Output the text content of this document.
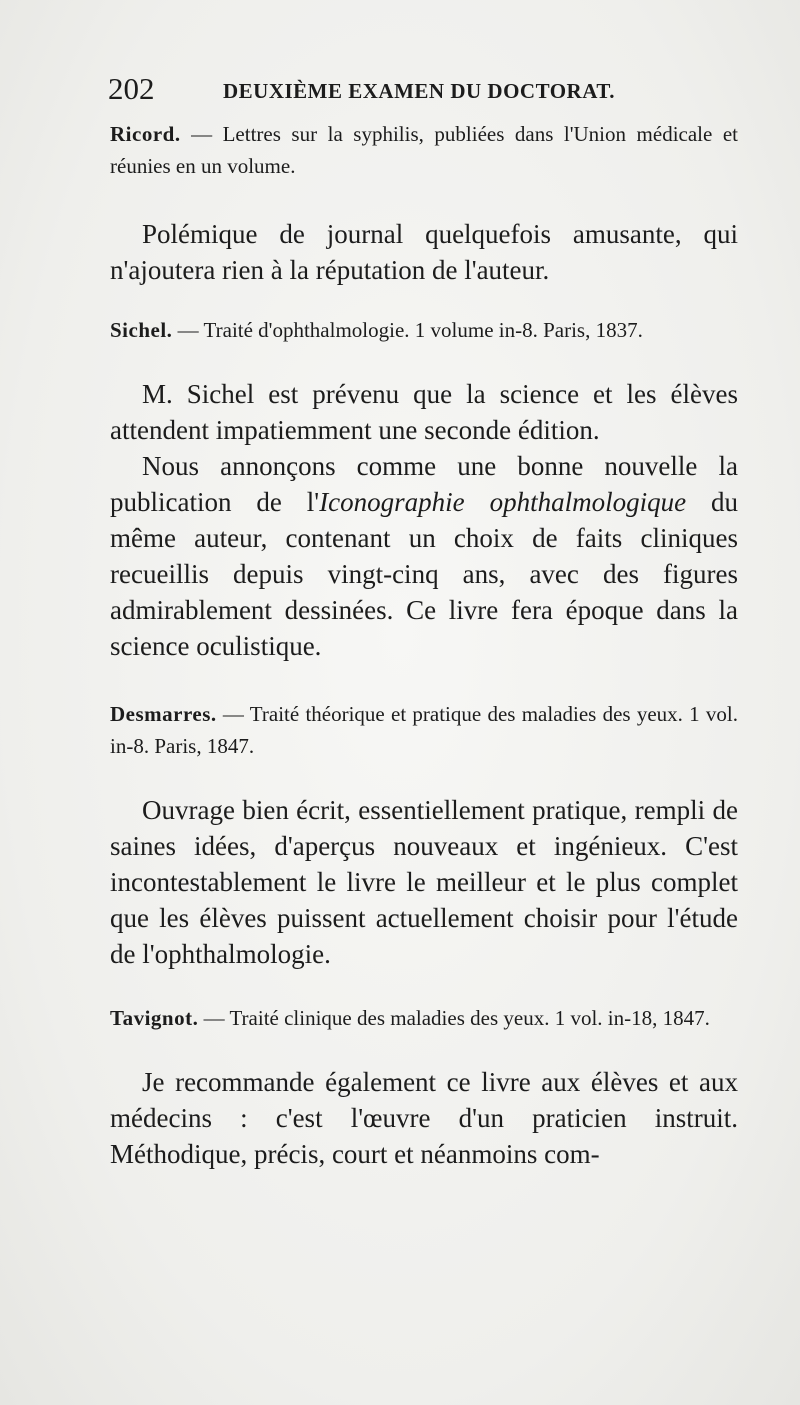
202	DEUXIÈME EXAMEN DU DOCTORAT.

Ricord. — Lettres sur la syphilis, publiées dans l'Union médicale et réunies en un volume.

Polémique de journal quelquefois amusante, qui n'ajoutera rien à la réputation de l'auteur.

Sichel. — Traité d'ophthalmologie. 1 volume in-8. Paris, 1837.

M. Sichel est prévenu que la science et les élèves attendent impatiemment une seconde édition.

Nous annonçons comme une bonne nouvelle la publication de l'Iconographie ophthalmologique du même auteur, contenant un choix de faits cliniques recueillis depuis vingt-cinq ans, avec des figures admirablement dessinées. Ce livre fera époque dans la science oculistique.

Desmarres. — Traité théorique et pratique des maladies des yeux. 1 vol. in-8. Paris, 1847.

Ouvrage bien écrit, essentiellement pratique, rempli de saines idées, d'aperçus nouveaux et ingénieux. C'est incontestablement le livre le meilleur et le plus complet que les élèves puissent actuellement choisir pour l'étude de l'ophthalmologie.

Tavignot. — Traité clinique des maladies des yeux. 1 vol. in-18, 1847.

Je recommande également ce livre aux élèves et aux médecins : c'est l'œuvre d'un praticien instruit. Méthodique, précis, court et néanmoins com-
